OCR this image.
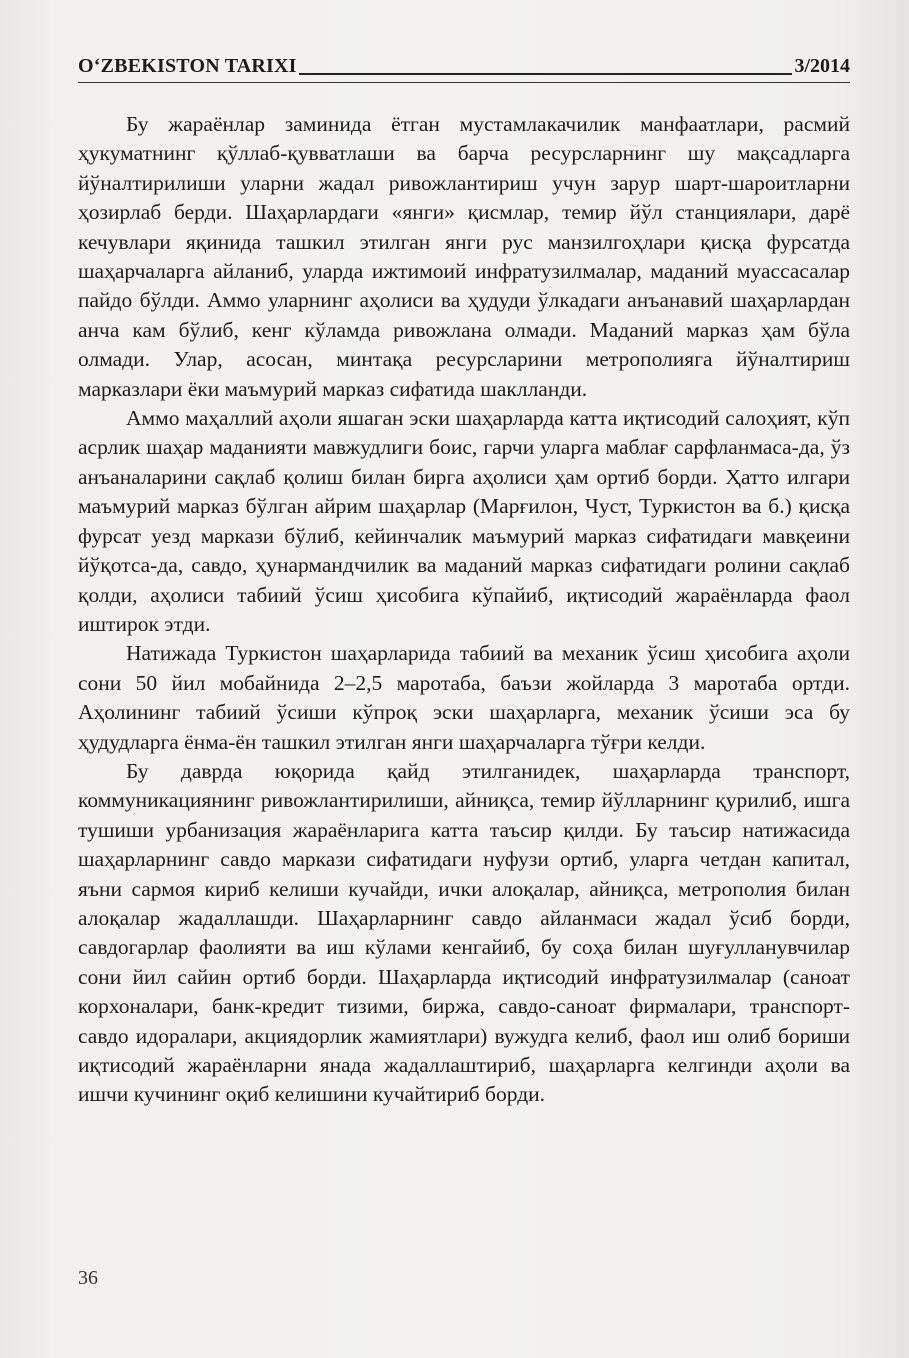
OʻZBEKISTON TARIXI	3/2014

Бу жараёнлар заминида ётган мустамлакачилик манфаатлари, расмий ҳукуматнинг қўллаб-қувватлаши ва барча ресурсларнинг шу мақсадларга йўналтирилиши уларни жадал ривожлантириш учун зарур шарт-шароитларни ҳозирлаб берди. Шаҳарлардаги «янги» қисмлар, темир йўл станциялари, дарё кечувлари яқинида ташкил этилган янги рус манзилгоҳлари қисқа фурсатда шаҳарчаларга айланиб, уларда ижтимоий инфратузилмалар, маданий муассасалар пайдо бўлди. Аммо уларнинг аҳолиси ва ҳудуди ўлкадаги анъанавий шаҳарлардан анча кам бўлиб, кенг кўламда ривожлана олмади. Маданий марказ ҳам бўла олмади. Улар, асосан, минтақа ресурсларини метрополияга йўналтириш марказлари ёки маъмурий марказ сифатида шаклланди.

Аммо маҳаллий аҳоли яшаган эски шаҳарларда катта иқтисодий салоҳият, кўп асрлик шаҳар маданияти мавжудлиги боис, гарчи уларга маблағ сарфланмаса-да, ўз анъаналарини сақлаб қолиш билан бирга аҳолиси ҳам ортиб борди. Ҳатто илгари маъмурий марказ бўлган айрим шаҳарлар (Марғилон, Чуст, Туркистон ва б.) қисқа фурсат уезд маркази бўлиб, кейинчалик маъмурий марказ сифатидаги мавқеини йўқотса-да, савдо, ҳунармандчилик ва маданий марказ сифатидаги ролини сақлаб қолди, аҳолиси табиий ўсиш ҳисобига кўпайиб, иқтисодий жараёнларда фаол иштирок этди.

Натижада Туркистон шаҳарларида табиий ва механик ўсиш ҳисобига аҳоли сони 50 йил мобайнида 2–2,5 маротаба, баъзи жойларда 3 маротаба ортди. Аҳолининг табиий ўсиши кўпроқ эски шаҳарларга, механик ўсиши эса бу ҳудудларга ёнма-ён ташкил этилган янги шаҳарчаларга тўғри келди.

Бу даврда юқорида қайд этилганидек, шаҳарларда транспорт, коммуникациянинг ривожлантирилиши, айниқса, темир йўлларнинг қурилиб, ишга тушиши урбанизация жараёнларига катта таъсир қилди. Бу таъсир натижасида шаҳарларнинг савдо маркази сифатидаги нуфузи ортиб, уларга четдан капитал, яъни сармоя кириб келиши кучайди, ички алоқалар, айниқса, метрополия билан алоқалар жадаллашди. Шаҳарларнинг савдо айланмаси жадал ўсиб борди, савдогарлар фаолияти ва иш кўлами кенгайиб, бу соҳа билан шуғулланувчилар сони йил сайин ортиб борди. Шаҳарларда иқтисодий инфратузилмалар (саноат корхоналари, банк-кредит тизими, биржа, савдо-саноат фирмалари, транспорт-савдо идоралари, акциядорлик жамиятлари) вужудга келиб, фаол иш олиб бориши иқтисодий жараёнларни янада жадаллаштириб, шаҳарларга келгинди аҳоли ва ишчи кучининг оқиб келишини кучайтириб борди.

36
